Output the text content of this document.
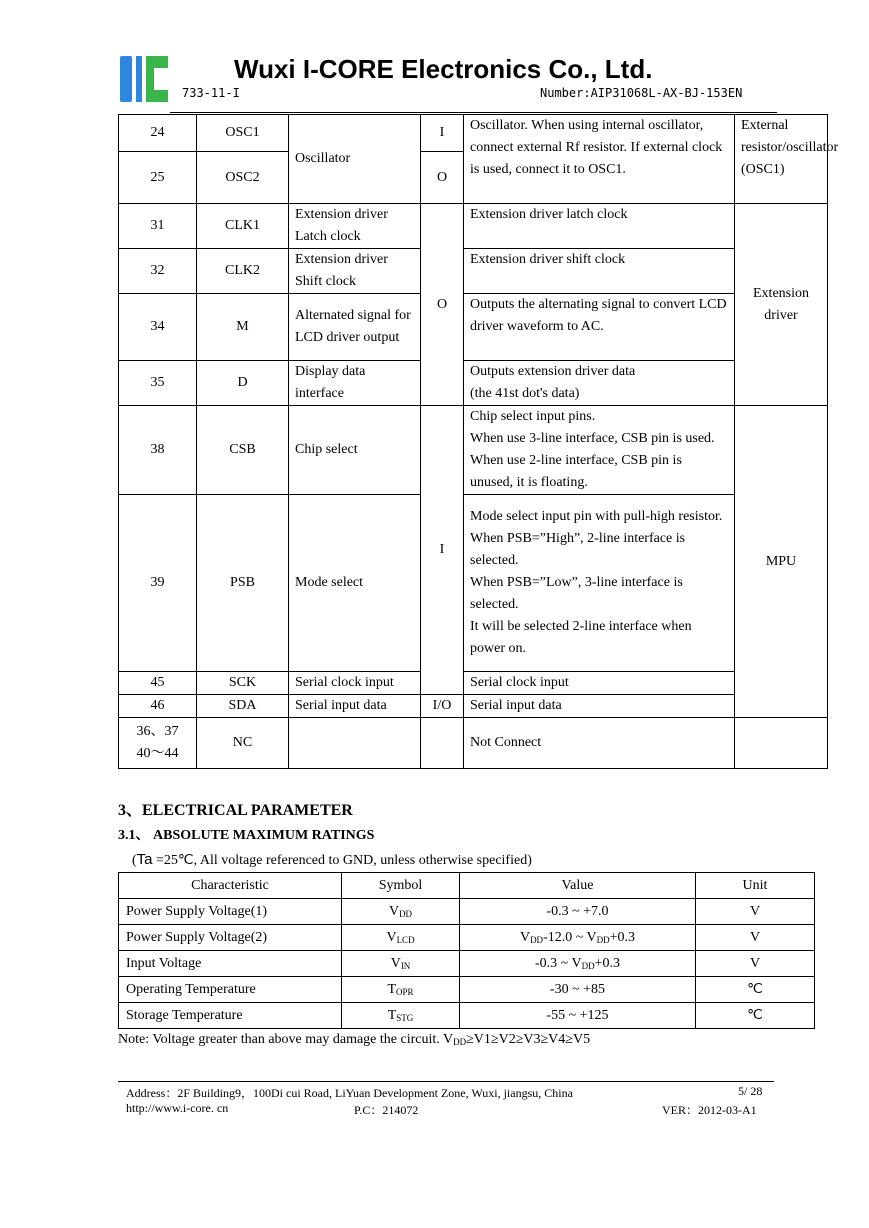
Wuxi I-CORE Electronics Co., Ltd.
733-11-I	Number:AIP31068L-AX-BJ-153EN
24	OSC1	Oscillator	I	Oscillator. When using internal oscillator, connect external Rf resistor. If external clock is used, connect it to OSC1.	External resistor/oscillator (OSC1)
25	OSC2		O		
31	CLK1	Extension driver Latch clock	O	Extension driver latch clock	Extension driver
32	CLK2	Extension driver Shift clock		Extension driver shift clock	
34	M	Alternated signal for LCD driver output		Outputs the alternating signal to convert LCD driver waveform to AC.	
35	D	Display data interface		Outputs extension driver data
(the 41st dot's data)	

38	CSB	Chip select	I	Chip select input pins.
When use 3-line interface, CSB pin is used. When use 2-line interface, CSB pin is unused, it is floating.	MPU
39	PSB	Mode select		Mode select input pin with pull-high resistor.
When PSB=”High”, 2-line interface is selected.
When PSB=”Low”, 3-line interface is selected.
It will be selected 2-line interface when power on.	

45	SCK	Serial clock input		Serial clock input	
46	SDA	Serial input data	I/O	Serial input data	

36、37
40～44	NC			Not Connect	
3、ELECTRICAL PARAMETER
3.1、 ABSOLUTE MAXIMUM RATINGS
(Ta =25℃, All voltage referenced to GND, unless otherwise specified)
Characteristic	Symbol	Value	Unit
Power Supply Voltage(1)	$V_{DD}$	-0.3 ~ +7.0	V
Power Supply Voltage(2)	$V_{LCD}$	$V_{DD}-12.0$ ~ $V_{DD}+0.3$	V
Input Voltage	$V_{IN}$	-0.3 ~ $V_{DD}+0.3$	V
Operating Temperature	$T_{OPR}$	-30 ~ +85	℃
Storage Temperature	$T_{STG}$	-55 ~ +125	℃
Note: Voltage greater than above may damage the circuit. $V_{DD}\ge V1\ge V2\ge V3\ge V4\ge V5$
Address：2F Building9，100Di cui Road, LiYuan Development Zone, Wuxi, jiangsu, China	5/ 28
http://www.i-core. cn	P.C：214072	VER：2012-03-A1
